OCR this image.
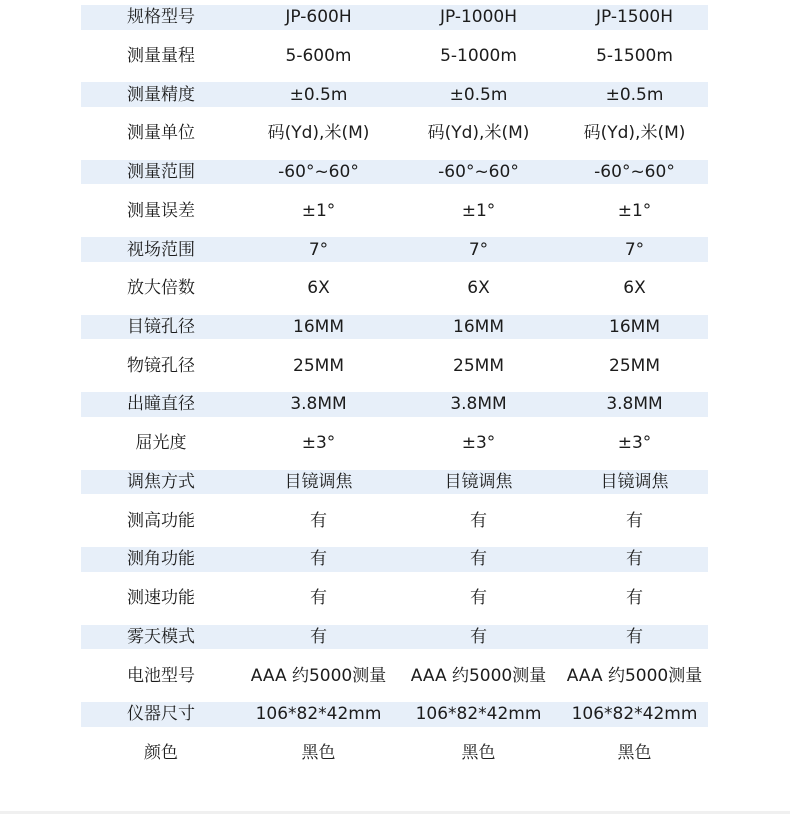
规格型号	JP-600H	JP-1000H	JP-1500H
测量量程	5-600m	5-1000m	5-1500m
测量精度	±0.5m	±0.5m	±0.5m
测量单位	码(Yd),米(M)	码(Yd),米(M)	码(Yd),米(M)
测量范围	-60°~60°	-60°~60°	-60°~60°
测量误差	±1°	±1°	±1°
视场范围	7°	7°	7°
放大倍数	6X	6X	6X
目镜孔径	16MM	16MM	16MM
物镜孔径	25MM	25MM	25MM
出瞳直径	3.8MM	3.8MM	3.8MM
屈光度	±3°	±3°	±3°
调焦方式	目镜调焦	目镜调焦	目镜调焦
测高功能	有	有	有
测角功能	有	有	有
测速功能	有	有	有
雾天模式	有	有	有
电池型号	AAA 约5000测量	AAA 约5000测量	AAA 约5000测量
仪器尺寸	106*82*42mm	106*82*42mm	106*82*42mm
颜色	黑色	黑色	黑色
